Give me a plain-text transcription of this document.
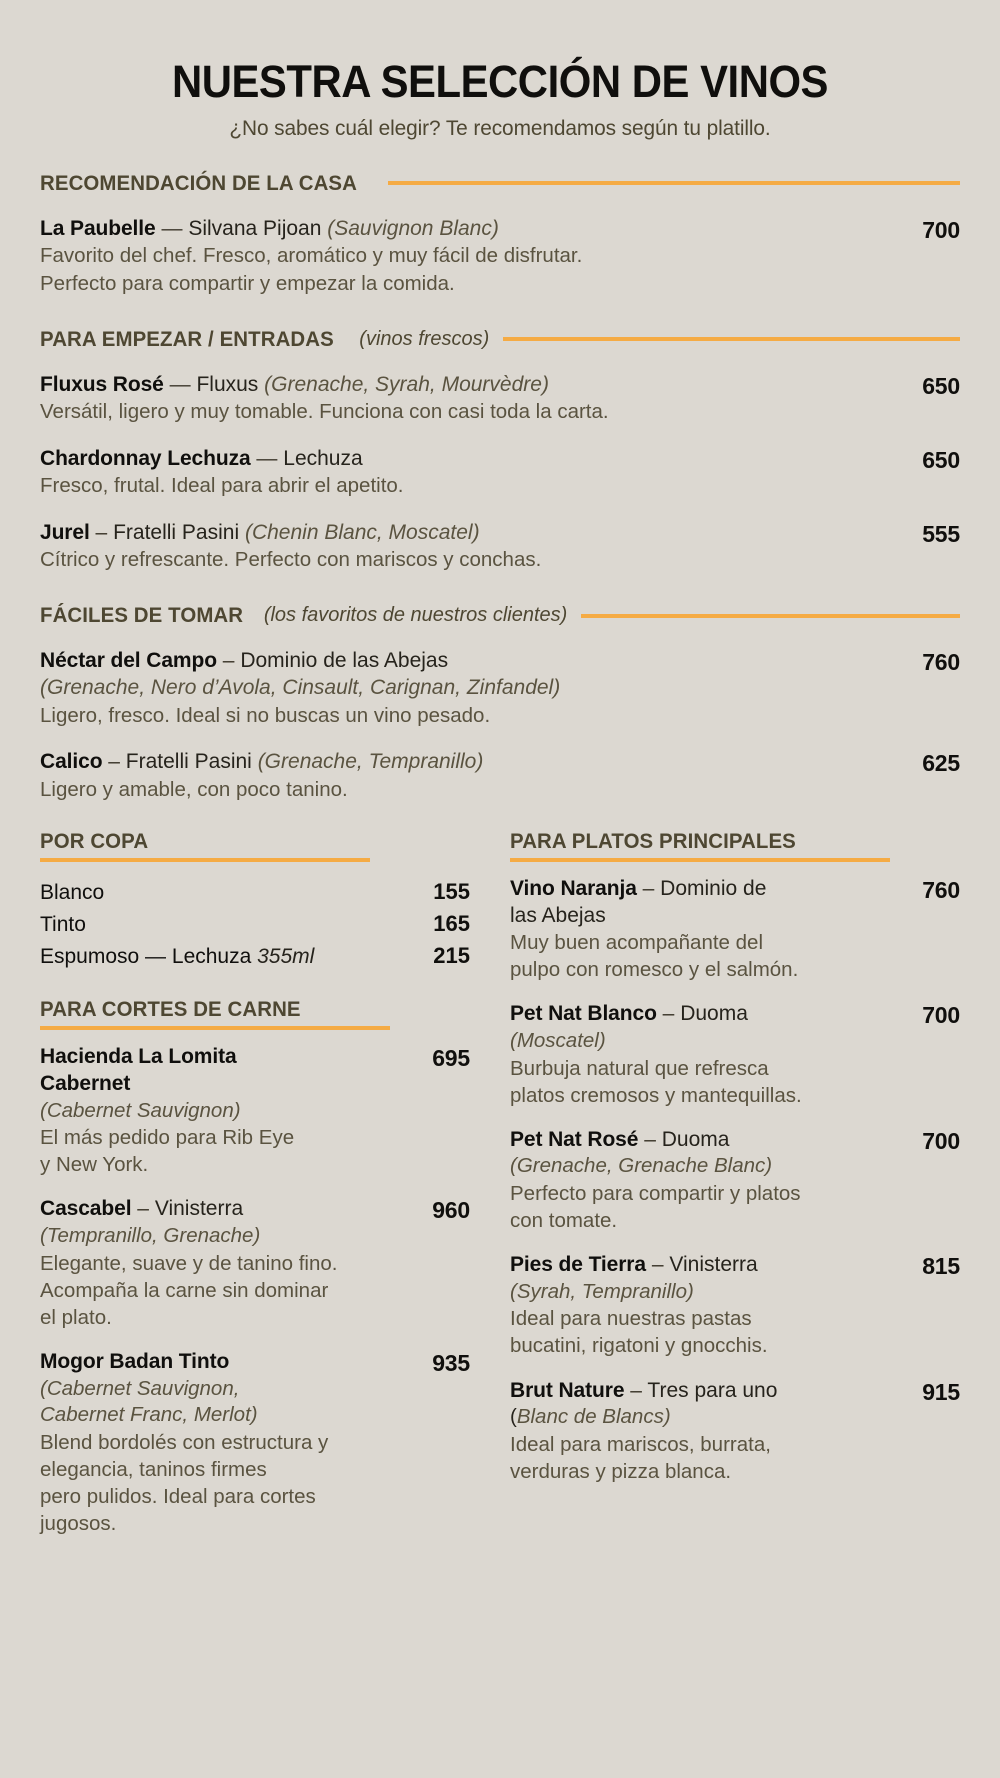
NUESTRA SELECCIÓN DE VINOS
¿No sabes cuál elegir? Te recomendamos según tu platillo.
RECOMENDACIÓN DE LA CASA
La Paubelle — Silvana Pijoan (Sauvignon Blanc)
Favorito del chef. Fresco, aromático y muy fácil de disfrutar.
Perfecto para compartir y empezar la comida.
700
PARA EMPEZAR / ENTRADAS (vinos frescos)
Fluxus Rosé — Fluxus (Grenache, Syrah, Mourvèdre)
Versátil, ligero y muy tomable. Funciona con casi toda la carta.
650
Chardonnay Lechuza — Lechuza
Fresco, frutal. Ideal para abrir el apetito.
650
Jurel – Fratelli Pasini (Chenin Blanc, Moscatel)
Cítrico y refrescante. Perfecto con mariscos y conchas.
555
FÁCILES DE TOMAR (los favoritos de nuestros clientes)
Néctar del Campo – Dominio de las Abejas
(Grenache, Nero d’Avola, Cinsault, Carignan, Zinfandel)
Ligero, fresco. Ideal si no buscas un vino pesado.
760
Calico – Fratelli Pasini (Grenache, Tempranillo)
Ligero y amable, con poco tanino.
625
POR COPA
Blanco	155
Tinto	165
Espumoso — Lechuza 355ml	215
PARA CORTES DE CARNE
Hacienda La Lomita
Cabernet
(Cabernet Sauvignon)
El más pedido para Rib Eye
y New York.
695
Cascabel – Vinisterra
(Tempranillo, Grenache)
Elegante, suave y de tanino fino.
Acompaña la carne sin dominar
el plato.
960
Mogor Badan Tinto
(Cabernet Sauvignon,
Cabernet Franc, Merlot)
Blend bordolés con estructura y
elegancia, taninos firmes
pero pulidos. Ideal para cortes
jugosos.
935
PARA PLATOS PRINCIPALES
Vino Naranja – Dominio de
las Abejas
Muy buen acompañante del
pulpo con romesco y el salmón.
760
Pet Nat Blanco – Duoma
(Moscatel)
Burbuja natural que refresca
platos cremosos y mantequillas.
700
Pet Nat Rosé – Duoma
(Grenache, Grenache Blanc)
Perfecto para compartir y platos
con tomate.
700
Pies de Tierra – Vinisterra
(Syrah, Tempranillo)
Ideal para nuestras pastas
bucatini, rigatoni y gnocchis.
815
Brut Nature – Tres para uno
(Blanc de Blancs)
Ideal para mariscos, burrata,
verduras y pizza blanca.
915
